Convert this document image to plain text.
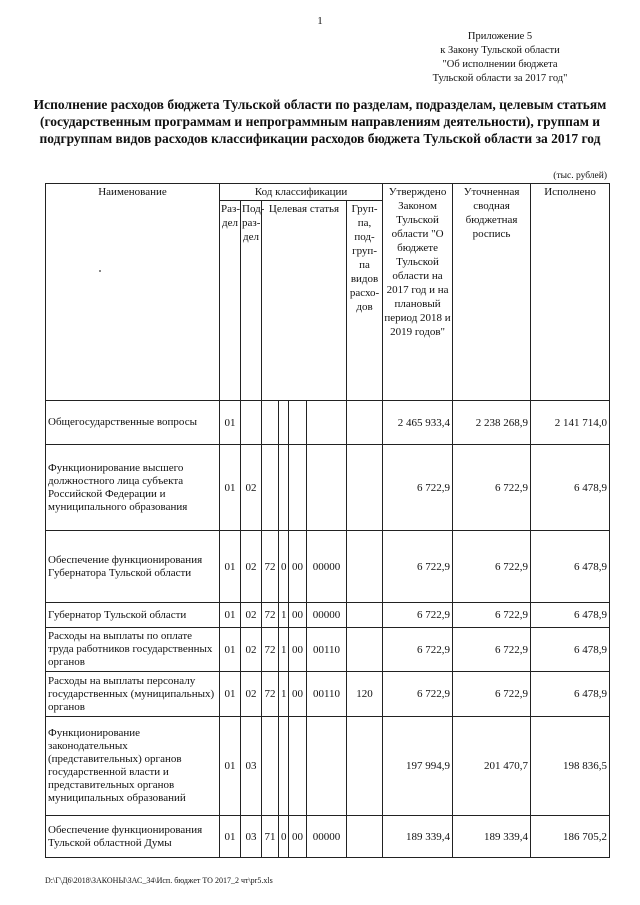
1
Приложение 5
к Закону Тульской области
"Об исполнении бюджета
Тульской области за 2017 год"
Исполнение расходов бюджета Тульской области по разделам, подразделам, целевым статьям (государственным программам и непрограммным направлениям деятельности), группам и подгруппам видов расходов классификации расходов бюджета Тульской области за 2017 год
(тыс. рублей)
Наименование	Код классификации							Утверждено Законом Тульской области "О бюджете Тульской области на 2017 год и на плановый период 2018 и 2019 годов"	Уточненная сводная бюджетная роспись	Исполнено
	Раз-дел	Под-раз-дел	Целевая статья				Груп-па, под-груп-па видов расхо-дов			
Общегосударственные вопросы	01							2 465 933,4	2 238 268,9	2 141 714,0
Функционирование высшего должностного лица субъекта Российской Федерации и муниципального образования	01	02						6 722,9	6 722,9	6 478,9
Обеспечение функционирования Губернатора Тульской области	01	02	72	0	00	00000		6 722,9	6 722,9	6 478,9
Губернатор Тульской области	01	02	72	1	00	00000		6 722,9	6 722,9	6 478,9
Расходы на выплаты по оплате труда работников государственных органов	01	02	72	1	00	00110		6 722,9	6 722,9	6 478,9
Расходы на выплаты персоналу государственных (муниципальных) органов	01	02	72	1	00	00110	120	6 722,9	6 722,9	6 478,9
Функционирование законодательных (представительных) органов государственной власти и представительных органов муниципальных образований	01	03						197 994,9	201 470,7	198 836,5
Обеспечение функционирования Тульской областной Думы	01	03	71	0	00	00000		189 339,4	189 339,4	186 705,2
D:\Г\Д6\2018\ЗАКОНЫ\ЗАС_34\Исп. бюджет ТО 2017_2 чт\pr5.xls
